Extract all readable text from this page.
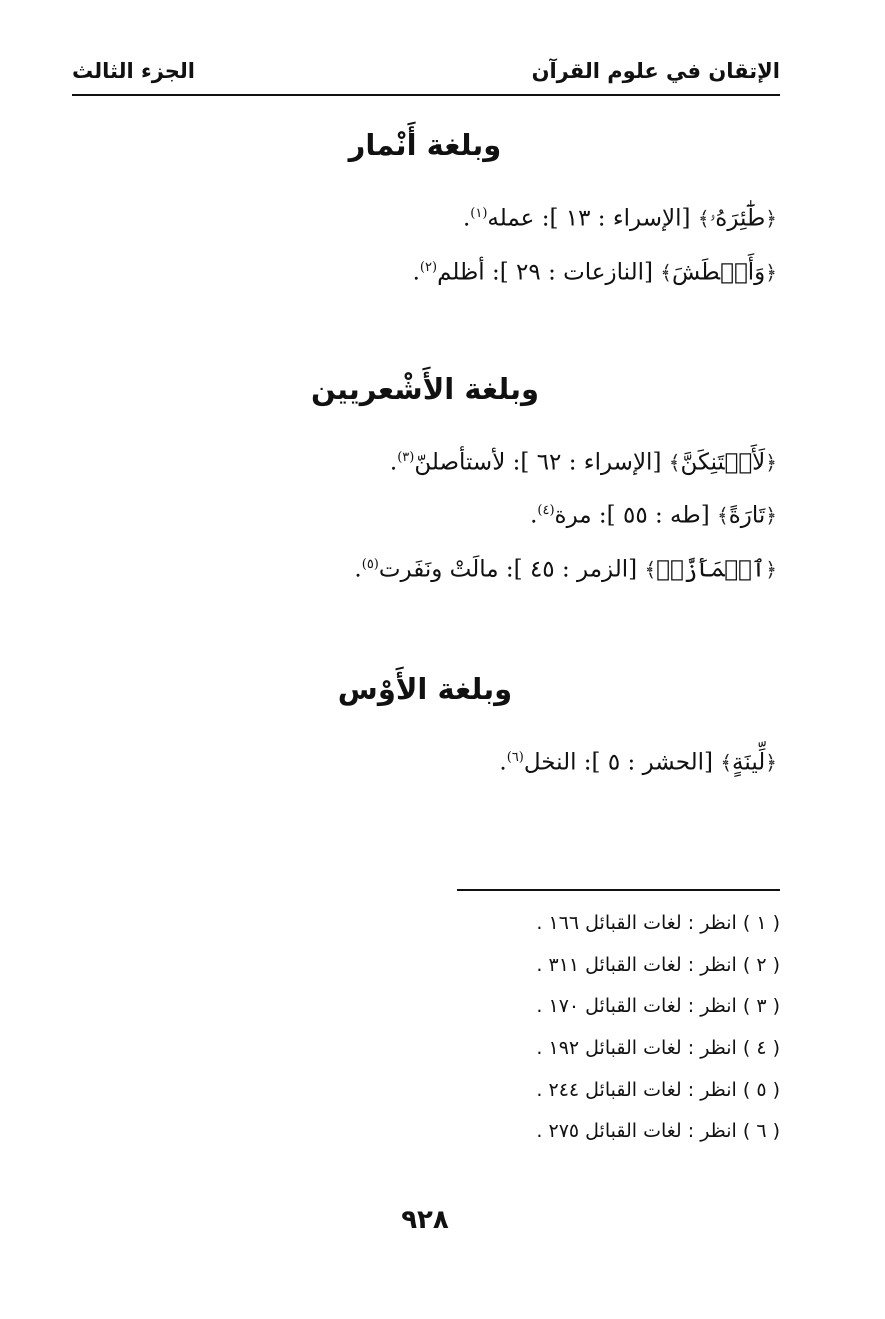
الإتقان في علوم القرآن
الجزء الثالث
وبلغة أَنْمار
﴿طَٰٓئِرَهُۥ﴾ [الإسراء : ١٣ ]: عمله$^{(١)}$.
﴿وَأَغۡطَشَ﴾ [النازعات : ٢٩ ]: أظلم$^{(٢)}$.
وبلغة الأَشْعريين
﴿لَأَحۡتَنِكَنَّ﴾ [الإسراء : ٦٢ ]: لأستأصلنّ$^{(٣)}$.
﴿تَارَةً﴾ [طه : ٥٥ ]: مرة$^{(٤)}$.
﴿ٱشۡمَأَزَّتۡ﴾ [الزمر : ٤٥ ]: مالَتْ ونَفَرت$^{(٥)}$.
وبلغة الأَوْس
﴿لِّينَةٍ﴾ [الحشر : ٥ ]: النخل$^{(٦)}$.
( ١ ) انظر : لغات القبائل ١٦٦ .
( ٢ ) انظر : لغات القبائل ٣١١ .
( ٣ ) انظر : لغات القبائل ١٧٠ .
( ٤ ) انظر : لغات القبائل ١٩٢ .
( ٥ ) انظر : لغات القبائل ٢٤٤ .
( ٦ ) انظر : لغات القبائل ٢٧٥ .
٩٢٨
